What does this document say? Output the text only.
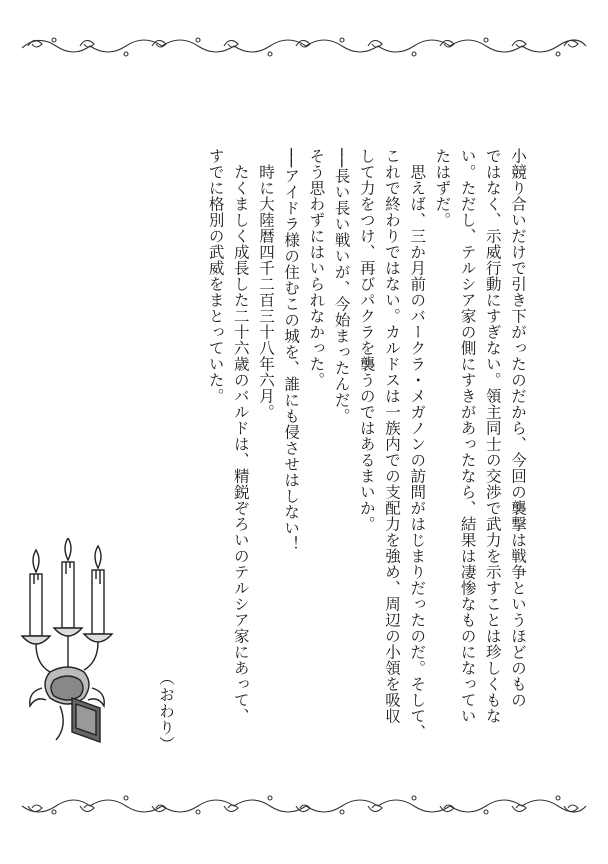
小競り合いだけで引き下がったのだから、今回の襲撃は戦争というほどのもの
ではなく、示威行動にすぎない。領主同士の交渉で武力を示すことは珍しくもな
い。ただし、テルシア家の側にすきがあったなら、結果は凄惨なものになってい
たはずだ。
　思えば、三か月前のバークラ・メガノンの訪問がはじまりだったのだ。そして、
これで終わりではない。カルドスは一族内での支配力を強め、周辺の小領を吸収
して力をつけ、再びパクラを襲うのではあるまいか。
──長い長い戦いが、今始まったんだ。
そう思わずにはいられなかった。
──アイドラ様の住むこの城を、誰にも侵させはしない！
　時に大陸暦四千二百三十八年六月。
　たくましく成長した二十六歳のバルドは、精鋭ぞろいのテルシア家にあって、
すでに格別の武威をまとっていた。
（おわり）
